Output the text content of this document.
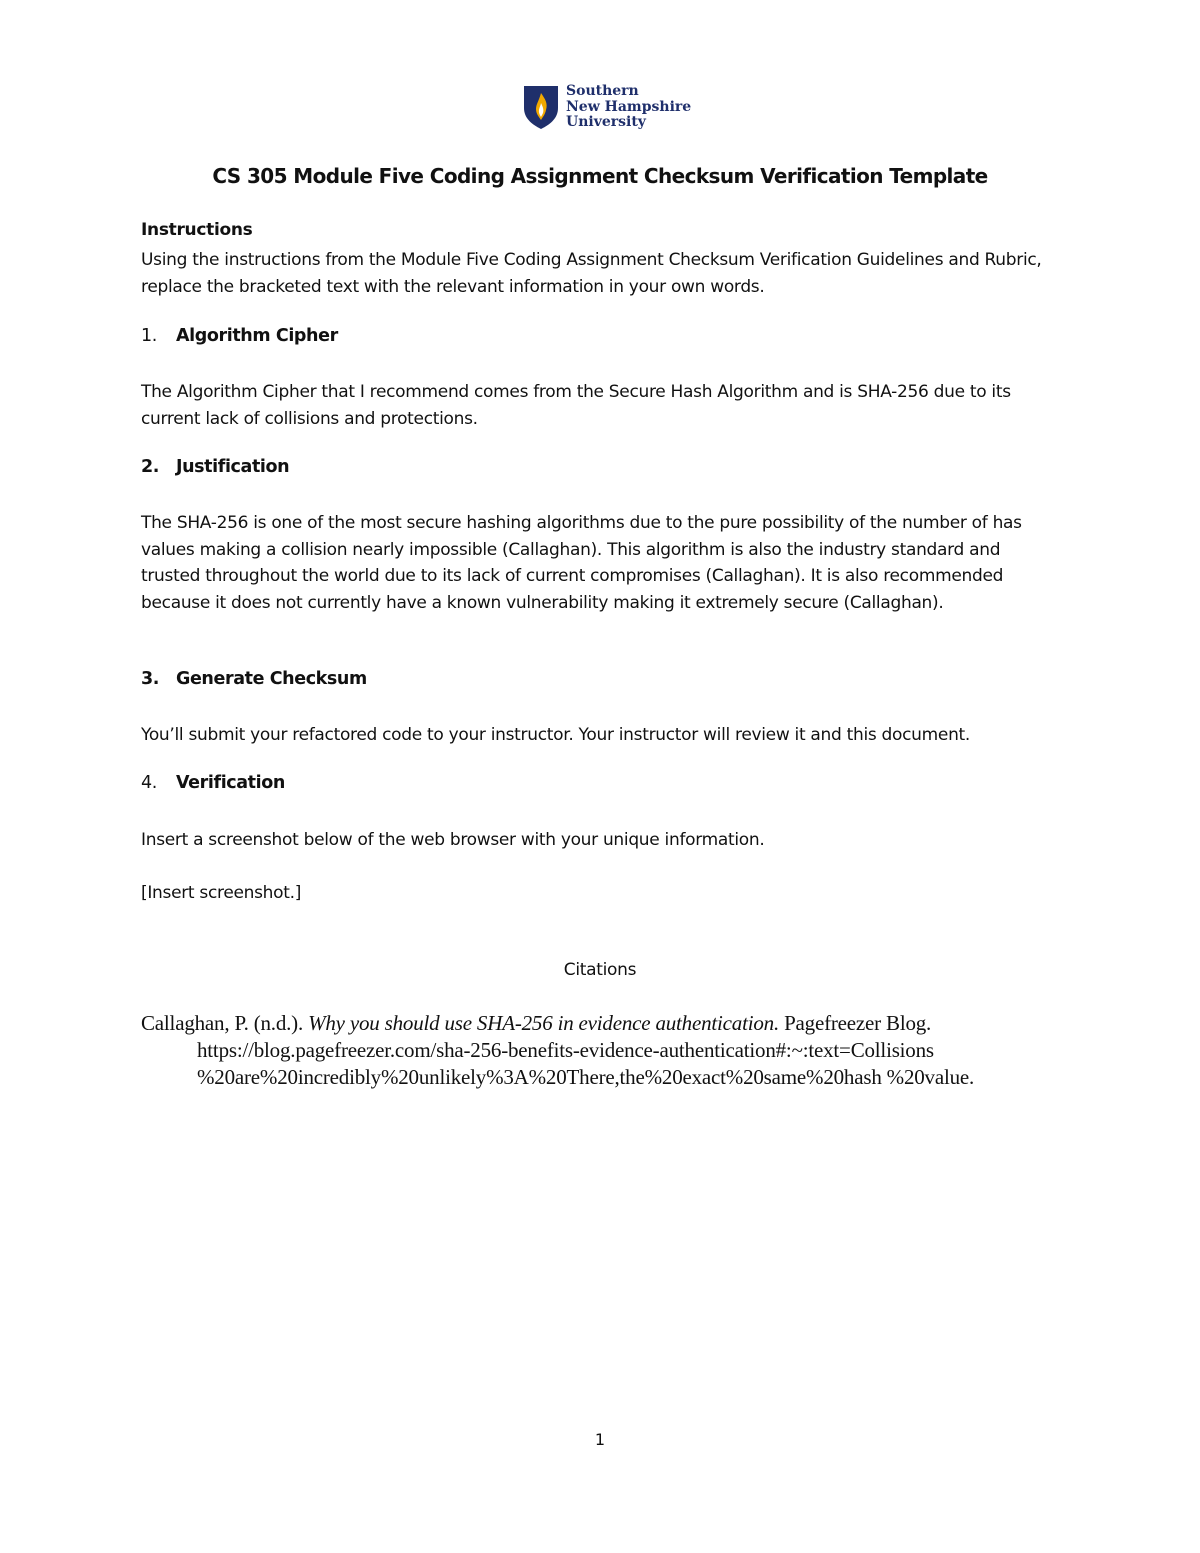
Southern
New Hampshire
University
CS 305 Module Five Coding Assignment Checksum Verification Template
Instructions
Using the instructions from the Module Five Coding Assignment Checksum Verification Guidelines and Rubric, replace the bracketed text with the relevant information in your own words.
1. Algorithm Cipher
The Algorithm Cipher that I recommend comes from the Secure Hash Algorithm and is SHA-256 due to its current lack of collisions and protections.
2. Justification
The SHA-256 is one of the most secure hashing algorithms due to the pure possibility of the number of has values making a collision nearly impossible (Callaghan). This algorithm is also the industry standard and trusted throughout the world due to its lack of current compromises (Callaghan). It is also recommended because it does not currently have a known vulnerability making it extremely secure (Callaghan).
3. Generate Checksum
You’ll submit your refactored code to your instructor. Your instructor will review it and this document.
4. Verification
Insert a screenshot below of the web browser with your unique information.
[Insert screenshot.]
Citations
Callaghan, P. (n.d.). Why you should use SHA-256 in evidence authentication. Pagefreezer Blog. https://blog.pagefreezer.com/sha-256-benefits-evidence-authentication#:~:text=Collisions %20are%20incredibly%20unlikely%3A%20There,the%20exact%20same%20hash %20value.
1
